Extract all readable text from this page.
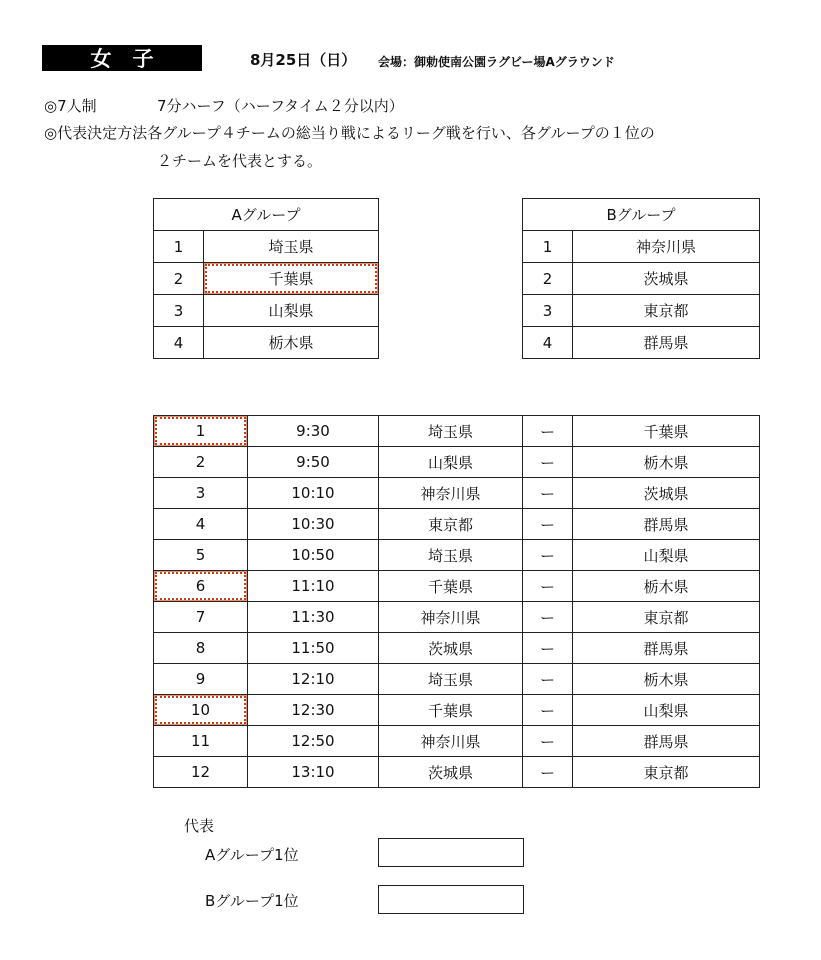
女　子	8月25日（日） 会場：御勅使南公園ラグビー場Aグラウンド
◎7人制	7分ハーフ（ハーフタイム２分以内）
◎代表決定方法各グループ４チームの総当り戦によるリーグ戦を行い、各グループの１位の
２チームを代表とする。
Aグループ	
1	埼玉県
2	千葉県
3	山梨県
4	栃木県
Bグループ	
1	神奈川県
2	茨城県
3	東京都
4	群馬県
1	9:30	埼玉県	ー	千葉県
2	9:50	山梨県	ー	栃木県
3	10:10	神奈川県	ー	茨城県
4	10:30	東京都	ー	群馬県
5	10:50	埼玉県	ー	山梨県
6	11:10	千葉県	ー	栃木県
7	11:30	神奈川県	ー	東京都
8	11:50	茨城県	ー	群馬県
9	12:10	埼玉県	ー	栃木県
10	12:30	千葉県	ー	山梨県
11	12:50	神奈川県	ー	群馬県
12	13:10	茨城県	ー	東京都
代表
Aグループ1位
Bグループ1位
